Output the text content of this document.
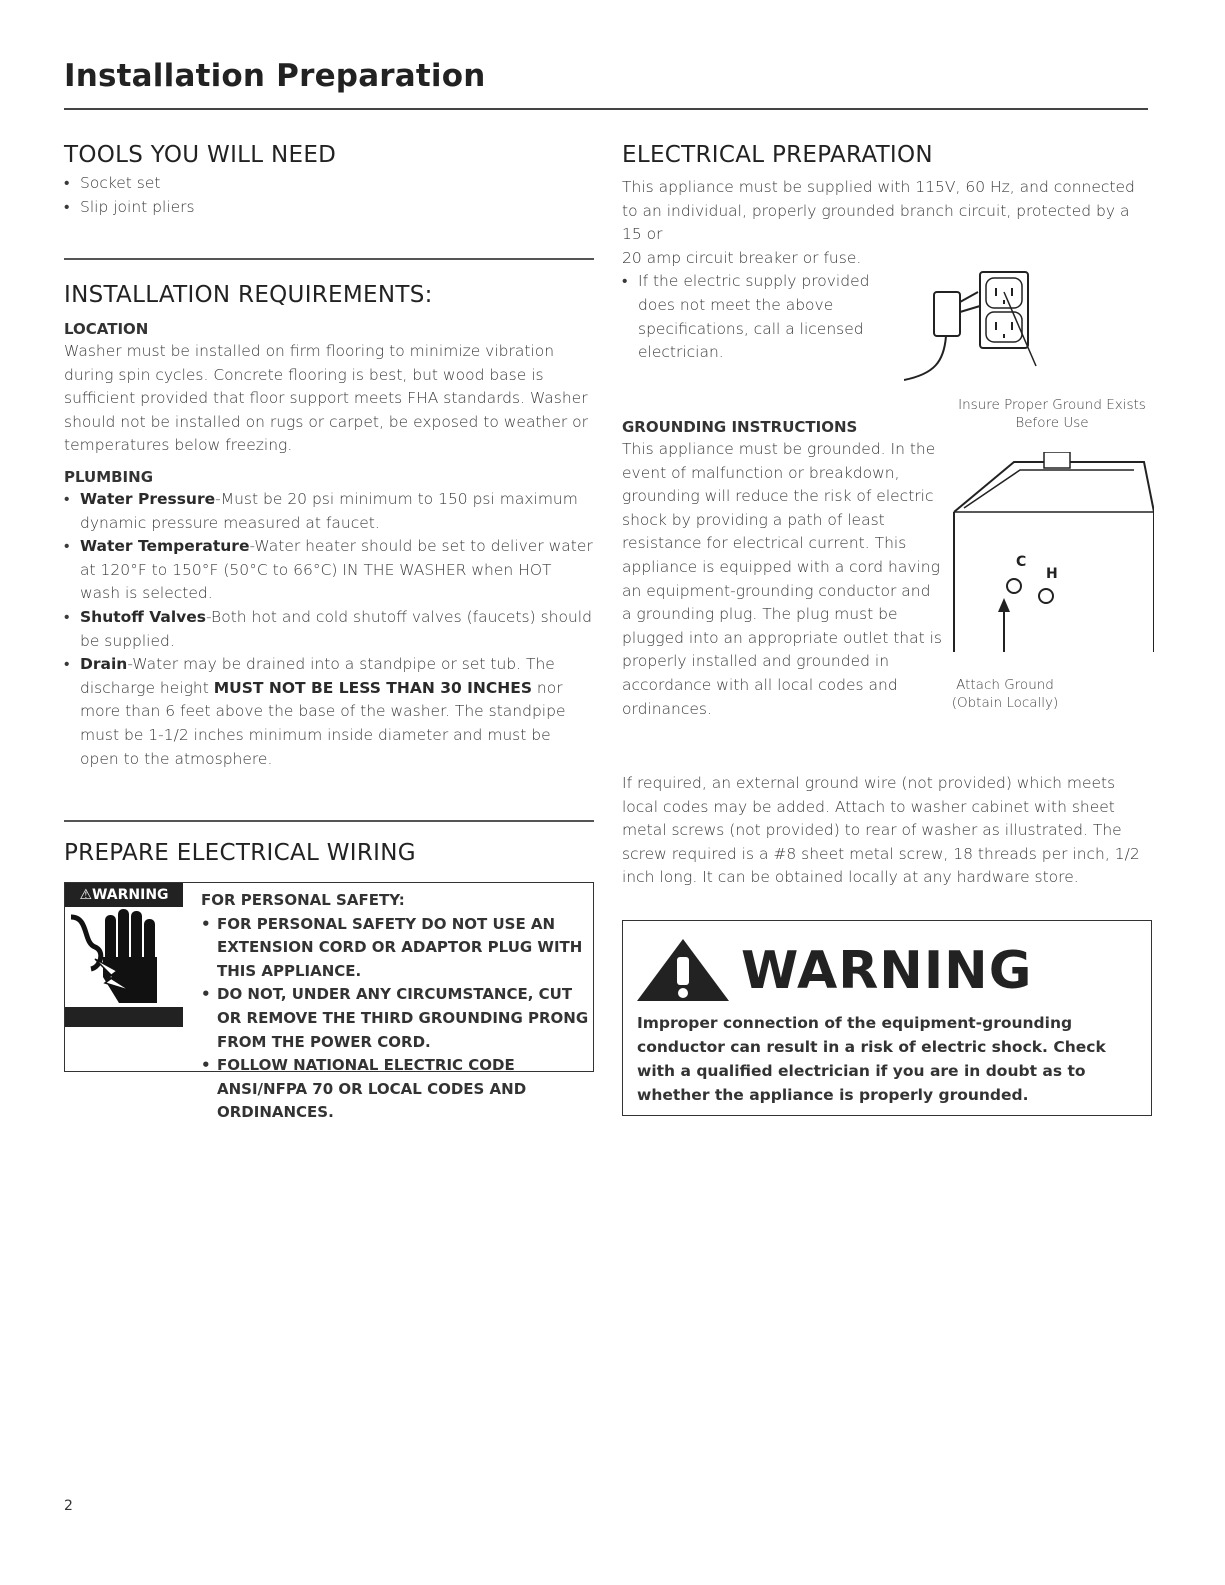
Installation Preparation
TOOLS YOU WILL NEED
• Socket set
• Slip joint pliers
INSTALLATION REQUIREMENTS:
LOCATION

Washer must be installed on firm flooring to minimize vibration during spin cycles. Concrete flooring is best, but wood base is sufficient provided that floor support meets FHA standards. Washer should not be installed on rugs or carpet, be exposed to weather or temperatures below freezing.

PLUMBING
• Water Pressure-Must be 20 psi minimum to 150 psi maximum dynamic pressure measured at faucet.
• Water Temperature-Water heater should be set to deliver water at 120°F to 150°F (50°C to 66°C) IN THE WASHER when HOT wash is selected.
• Shutoff Valves-Both hot and cold shutoff valves (faucets) should be supplied.
• Drain-Water may be drained into a standpipe or set tub. The discharge height MUST NOT BE LESS THAN 30 INCHES nor more than 6 feet above the base of the washer. The standpipe must be 1-1/2 inches minimum inside diameter and must be open to the atmosphere.
PREPARE ELECTRICAL WIRING
⚠WARNING	FOR PERSONAL SAFETY:

• FOR PERSONAL SAFETY DO NOT USE AN EXTENSION CORD OR ADAPTOR PLUG WITH THIS APPLIANCE.
• DO NOT, UNDER ANY CIRCUMSTANCE, CUT OR REMOVE THE THIRD GROUNDING PRONG FROM THE POWER CORD.
• FOLLOW NATIONAL ELECTRIC CODE ANSI/NFPA 70 OR LOCAL CODES AND ORDINANCES.
ELECTRICAL PREPARATION

This appliance must be supplied with 115V, 60 Hz, and connected to an individual, properly grounded branch circuit, protected by a 15 or

20 amp circuit breaker or fuse.

• If the electric supply provided does not meet the above specifications, call a licensed electrician.
Insure Proper Ground Exists Before Use
GROUNDING INSTRUCTIONS

This appliance must be grounded. In the event of malfunction or breakdown, grounding will reduce the risk of electric shock by providing a path of least resistance for electrical current. This appliance is equipped with a cord having an equipment-grounding conductor and a grounding plug. The plug must be plugged into an appropriate outlet that is properly installed and grounded in accordance with all local codes and ordinances.

C
H
Attach Ground (Obtain Locally)

If required, an external ground wire (not provided) which meets local codes may be added. Attach to washer cabinet with sheet metal screws (not provided) to rear of washer as illustrated. The screw required is a #8 sheet metal screw, 18 threads per inch, 1/2 inch long. It can be obtained locally at any hardware store.

WARNING

Improper connection of the equipment-grounding conductor can result in a risk of electric shock. Check with a qualified electrician if you are in doubt as to whether the appliance is properly grounded.

2
